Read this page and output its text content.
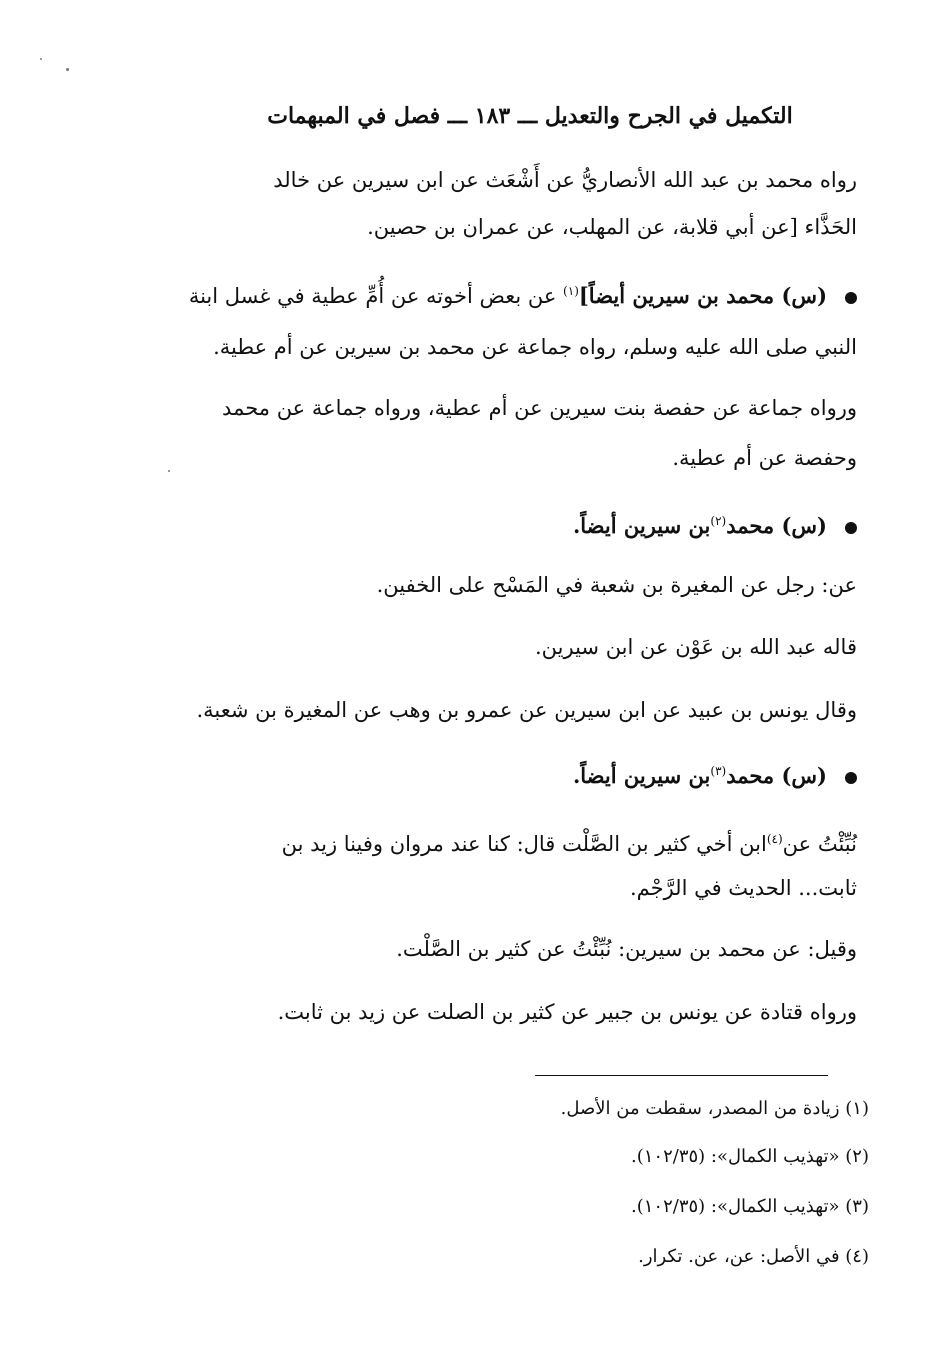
التكميل في الجرح والتعديل ـــ ١٨٣ ـــ فصل في المبهمات
رواه محمد بن عبد الله الأنصاريُّ عن أَشْعَث عن ابن سيرين عن خالد
الحَذَّاء [عن أبي قلابة، عن المهلب، عن عمران بن حصين.
(س) محمد بن سيرين أيضاً]$^{(١)}$ عن بعض أخوته عن أُمِّ عطية في غسل ابنة
النبي صلى الله عليه وسلم، رواه جماعة عن محمد بن سيرين عن أم عطية.
ورواه جماعة عن حفصة بنت سيرين عن أم عطية، ورواه جماعة عن محمد
وحفصة عن أم عطية.
(س) محمد$^{(٢)}$بن سيرين أيضاً.
عن: رجل عن المغيرة بن شعبة في المَسْح على الخفين.
قاله عبد الله بن عَوْن عن ابن سيرين.
وقال يونس بن عبيد عن ابن سيرين عن عمرو بن وهب عن المغيرة بن شعبة.
(س) محمد$^{(٣)}$بن سيرين أيضاً.
نُبِّئْتُ عن$^{(٤)}$ابن أخي كثير بن الصَّلْت قال: كنا عند مروان وفينا زيد بن
ثابت... الحديث في الرَّجْم.
وقيل: عن محمد بن سيرين: نُبِّئْتُ عن كثير بن الصَّلْت.
ورواه قتادة عن يونس بن جبير عن كثير بن الصلت عن زيد بن ثابت.
(١) زيادة من المصدر، سقطت من الأصل.
(٢) «تهذيب الكمال»: (١٠٢/٣٥).
(٣) «تهذيب الكمال»: (١٠٢/٣٥).
(٤) في الأصل: عن، عن. تكرار.
